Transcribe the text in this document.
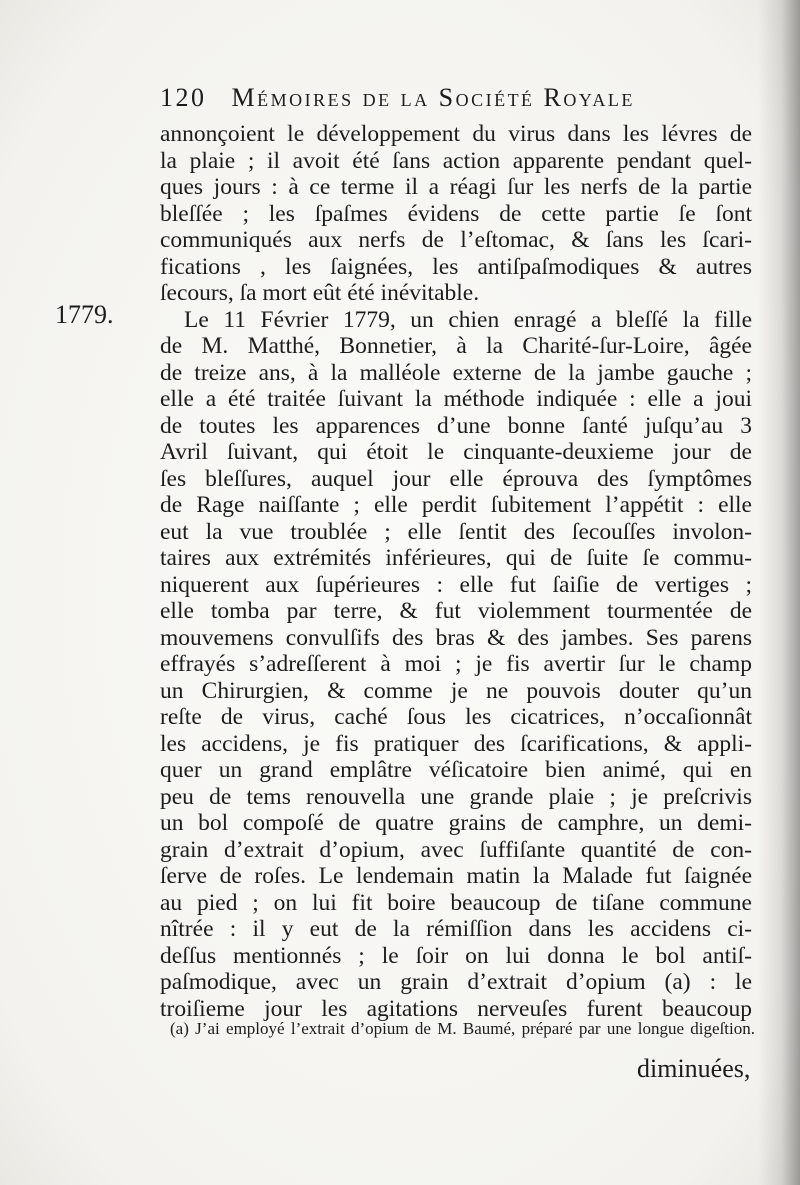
120 Mémoires de la Société Royale
1779.
annonçoient le développement du virus dans les lévres de
la plaie ; il avoit été ſans action apparente pendant quel-
ques jours : à ce terme il a réagi ſur les nerfs de la partie
bleſſée ; les ſpaſmes évidens de cette partie ſe ſont
communiqués aux nerfs de l’eſtomac, & ſans les ſcari-
fications , les ſaignées, les antiſpaſmodiques & autres
ſecours, ſa mort eût été inévitable.
Le 11 Février 1779, un chien enragé a bleſſé la fille
de M. Matthé, Bonnetier, à la Charité-ſur-Loire, âgée
de treize ans, à la malléole externe de la jambe gauche ;
elle a été traitée ſuivant la méthode indiquée : elle a joui
de toutes les apparences d’une bonne ſanté juſqu’au 3
Avril ſuivant, qui étoit le cinquante-deuxieme jour de
ſes bleſſures, auquel jour elle éprouva des ſymptômes
de Rage naiſſante ; elle perdit ſubitement l’appétit : elle
eut la vue troublée ; elle ſentit des ſecouſſes involon-
taires aux extrémités inférieures, qui de ſuite ſe commu-
niquerent aux ſupérieures : elle fut ſaiſie de vertiges ;
elle tomba par terre, & fut violemment tourmentée de
mouvemens convulſifs des bras & des jambes. Ses parens
effrayés s’adreſſerent à moi ; je fis avertir ſur le champ
un Chirurgien, & comme je ne pouvois douter qu’un
reſte de virus, caché ſous les cicatrices, n’occaſionnât
les accidens, je fis pratiquer des ſcarifications, & appli-
quer un grand emplâtre véſicatoire bien animé, qui en
peu de tems renouvella une grande plaie ; je preſcrivis
un bol compoſé de quatre grains de camphre, un demi-
grain d’extrait d’opium, avec ſuffiſante quantité de con-
ſerve de roſes. Le lendemain matin la Malade fut ſaignée
au pied ; on lui fit boire beaucoup de tiſane commune
nîtrée : il y eut de la rémiſſion dans les accidens ci-
deſſus mentionnés ; le ſoir on lui donna le bol antiſ-
paſmodique, avec un grain d’extrait d’opium (a) : le
troiſieme jour les agitations nerveuſes furent beaucoup
(a) J’ai employé l’extrait d’opium de M. Baumé, préparé par une longue digeſtion.
diminuées,
